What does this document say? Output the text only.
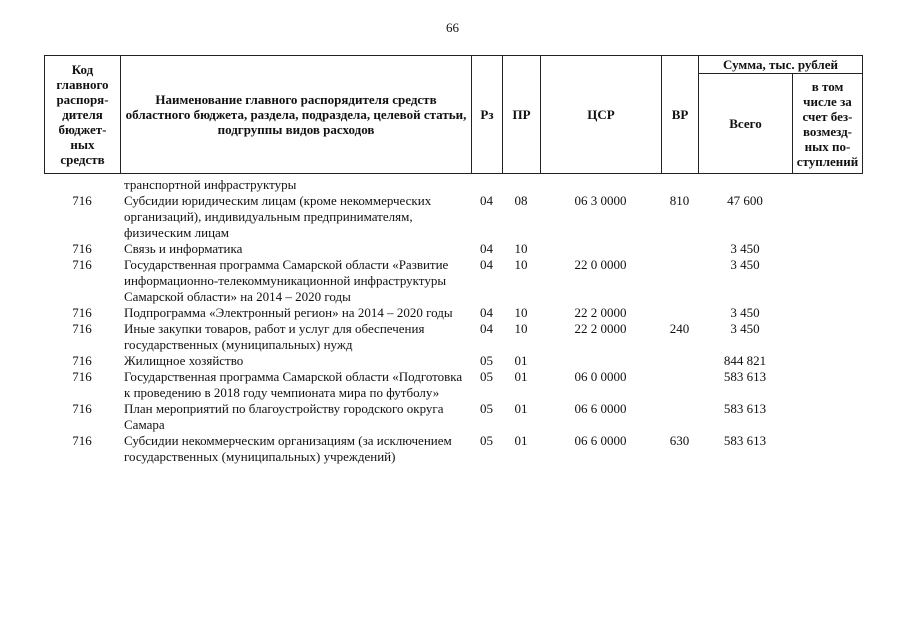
66
Код главного распоря-дителя бюджет-ных средств	Наименование главного распорядителя средств областного бюджета, раздела, подраздела, целевой статьи, подгруппы видов расходов	Рз	ПР	ЦСР	ВР	Сумма, тыс. рублей	
						Всего	в том числе за счет без-возмезд-ных по-ступлений
	транспортной инфраструктуры						
716	Субсидии юридическим лицам (кроме некоммерческих организаций), индивидуальным предпринимателям, физическим лицам	04	08	06 3 0000	810	47 600	
716	Связь и информатика	04	10			3 450	
716	Государственная программа Самарской области «Развитие информационно-телекоммуникационной инфраструктуры Самарской области» на 2014 – 2020 годы	04	10	22 0 0000		3 450	
716	Подпрограмма «Электронный регион» на 2014 – 2020 годы	04	10	22 2 0000		3 450	
716	Иные закупки товаров, работ и услуг для обеспечения государственных (муниципальных) нужд	04	10	22 2 0000	240	3 450	
716	Жилищное хозяйство	05	01			844 821	
716	Государственная программа Самарской области «Подготовка к проведению в 2018 году чемпионата мира по футболу»	05	01	06 0 0000		583 613	
716	План мероприятий по благоустройству городского округа Самара	05	01	06 6 0000		583 613	
716	Субсидии некоммерческим организациям (за исключением государственных (муниципальных) учреждений)	05	01	06 6 0000	630	583 613	
